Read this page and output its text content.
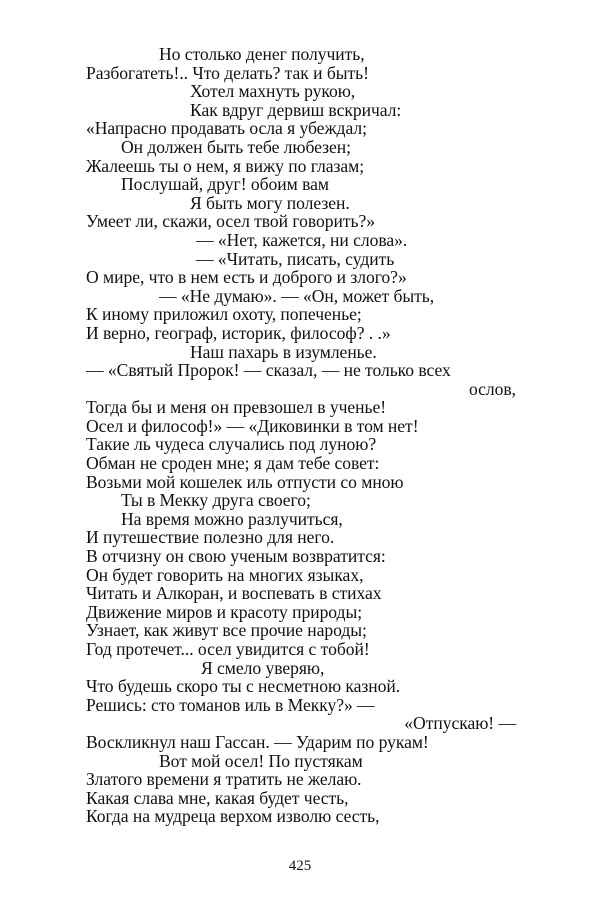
Но столько денег получить,
Разбогатеть!.. Что делать? так и быть!
Хотел махнуть рукою,
Как вдруг дервиш вскричал:
«Напрасно продавать осла я убеждал;
Он должен быть тебе любезен;
Жалеешь ты о нем, я вижу по глазам;
Послушай, друг! обоим вам
Я быть могу полезен.
Умеет ли, скажи, осел твой говорить?»
— «Нет, кажется, ни слова».
— «Читать, писать, судить
О мире, что в нем есть и доброго и злого?»
— «Не думаю». — «Он, может быть,
К иному приложил охоту, попеченье;
И верно, географ, историк, философ? . .»
Наш пахарь в изумленье.
— «Святый Пророк! — сказал, — не только всех
ослов,
Тогда бы и меня он превзошел в ученье!
Осел и философ!» — «Диковинки в том нет!
Такие ль чудеса случались под луною?
Обман не сроден мне; я дам тебе совет:
Возьми мой кошелек иль отпусти со мною
Ты в Мекку друга своего;
На время можно разлучиться,
И путешествие полезно для него.
В отчизну он свою ученым возвратится:
Он будет говорить на многих языках,
Читать и Алкоран, и воспевать в стихах
Движение миров и красоту природы;
Узнает, как живут все прочие народы;
Год протечет... осел увидится с тобой!
Я смело уверяю,
Что будешь скоро ты с несметною казной.
Решись: сто томанов иль в Мекку?» —
«Отпускаю! —
Воскликнул наш Гассан. — Ударим по рукам!
Вот мой осел! По пустякам
Златого времени я тратить не желаю.
Какая слава мне, какая будет честь,
Когда на мудреца верхом изволю сесть,
425
